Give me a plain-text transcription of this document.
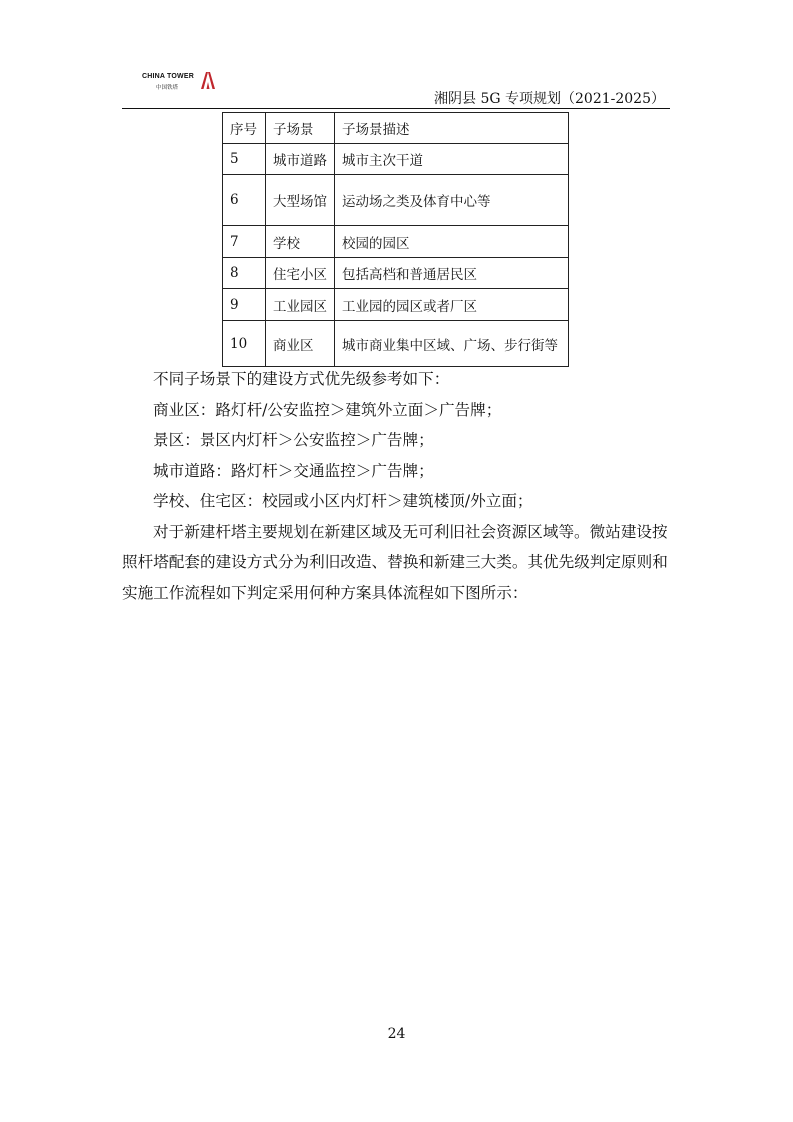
CHINA TOWER
中国铁塔
湘阴县 5G 专项规划（2021-2025）
序号	子场景	子场景描述
5	城市道路	城市主次干道
6	大型场馆	运动场之类及体育中心等
7	学校	校园的园区
8	住宅小区	包括高档和普通居民区
9	工业园区	工业园的园区或者厂区
10	商业区	城市商业集中区域、广场、步行街等

不同子场景下的建设方式优先级参考如下：

商业区：路灯杆/公安监控＞建筑外立面＞广告牌；

景区：景区内灯杆＞公安监控＞广告牌；

城市道路：路灯杆＞交通监控＞广告牌；

学校、住宅区：校园或小区内灯杆＞建筑楼顶/外立面；

对于新建杆塔主要规划在新建区域及无可利旧社会资源区域等。微站建设按

照杆塔配套的建设方式分为利旧改造、替换和新建三大类。其优先级判定原则和

实施工作流程如下判定采用何种方案具体流程如下图所示：

24
